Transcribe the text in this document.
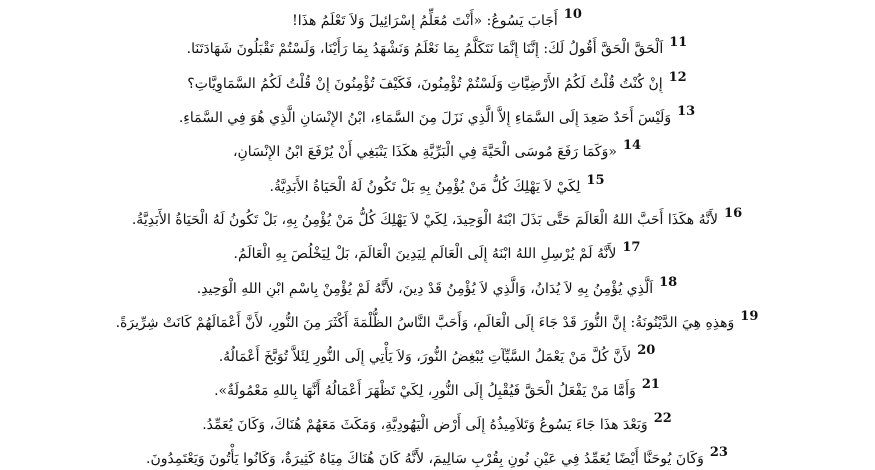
10أَجَابَ يَسُوعُ: «أَنْتَ مُعَلِّمُ إِسْرَائِيلَ وَلاَ تَعْلَمُ هذَا!
11اَلْحَقَّ الْحَقَّ أَقُولُ لَكَ: إِنَّنَا إِنَّمَا نَتَكَلَّمُ بِمَا نَعْلَمُ وَنَشْهَدُ بِمَا رَأَيْنَا، وَلَسْتُمْ تَقْبَلُونَ شَهَادَتَنَا.
12إِنْ كُنْتُ قُلْتُ لَكُمُ الأَرْضِيَّاتِ وَلَسْتُمْ تُؤْمِنُونَ، فَكَيْفَ تُؤْمِنُونَ إِنْ قُلْتُ لَكُمُ السَّمَاوِيَّاتِ؟
13وَلَيْسَ أَحَدٌ صَعِدَ إِلَى السَّمَاءِ إِلاَّ الَّذِي نَزَلَ مِنَ السَّمَاءِ، ابْنُ الإِنْسَانِ الَّذِي هُوَ فِي السَّمَاءِ.
14«وَكَمَا رَفَعَ مُوسَى الْحَيَّةَ فِي الْبَرِّيَّةِ هكَذَا يَنْبَغِي أَنْ يُرْفَعَ ابْنُ الإِنْسَانِ،
15لِكَيْ لاَ يَهْلِكَ كُلُّ مَنْ يُؤْمِنُ بِهِ بَلْ تَكُونُ لَهُ الْحَيَاةُ الأَبَدِيَّةُ.
16لأَنَّهُ هكَذَا أَحَبَّ اللهُ الْعَالَمَ حَتَّى بَذَلَ ابْنَهُ الْوَحِيدَ، لِكَيْ لاَ يَهْلِكَ كُلُّ مَنْ يُؤْمِنُ بِهِ، بَلْ تَكُونُ لَهُ الْحَيَاةُ الأَبَدِيَّةُ.
17لأَنَّهُ لَمْ يُرْسِلِ اللهُ ابْنَهُ إِلَى الْعَالَمِ لِيَدِينَ الْعَالَمَ، بَلْ لِيَخْلُصَ بِهِ الْعَالَمُ.
18اَلَّذِي يُؤْمِنُ بِهِ لاَ يُدَانُ، وَالَّذِي لاَ يُؤْمِنُ قَدْ دِينَ، لأَنَّهُ لَمْ يُؤْمِنْ بِاسْمِ ابْنِ اللهِ الْوَحِيدِ.
19وَهذِهِ هِيَ الدَّيْنُونَةُ: إِنَّ النُّورَ قَدْ جَاءَ إِلَى الْعَالَمِ، وَأَحَبَّ النَّاسُ الظُّلْمَةَ أَكْثَرَ مِنَ النُّورِ، لأَنَّ أَعْمَالَهُمْ كَانَتْ شِرِّيرَةً.
20لأَنَّ كُلَّ مَنْ يَعْمَلُ السَّيِّآتِ يُبْغِضُ النُّورَ، وَلاَ يَأْتِي إِلَى النُّورِ لِئَلاَّ تُوَبَّخَ أَعْمَالُهُ.
21وَأَمَّا مَنْ يَفْعَلُ الْحَقَّ فَيُقْبِلُ إِلَى النُّورِ، لِكَيْ تَظْهَرَ أَعْمَالُهُ أَنَّهَا بِاللهِ مَعْمُولَةٌ».
22وَبَعْدَ هذَا جَاءَ يَسُوعُ وَتَلاَمِيذُهُ إِلَى أَرْضِ الْيَهُودِيَّةِ، وَمَكَثَ مَعَهُمْ هُنَاكَ، وَكَانَ يُعَمِّدُ.
23وَكَانَ يُوحَنَّا أَيْضًا يُعَمِّدُ فِي عَيْنِ نُونٍ بِقُرْبِ سَالِيمَ، لأَنَّهُ كَانَ هُنَاكَ مِيَاهٌ كَثِيرَةٌ، وَكَانُوا يَأْتُونَ وَيَعْتَمِدُونَ.
